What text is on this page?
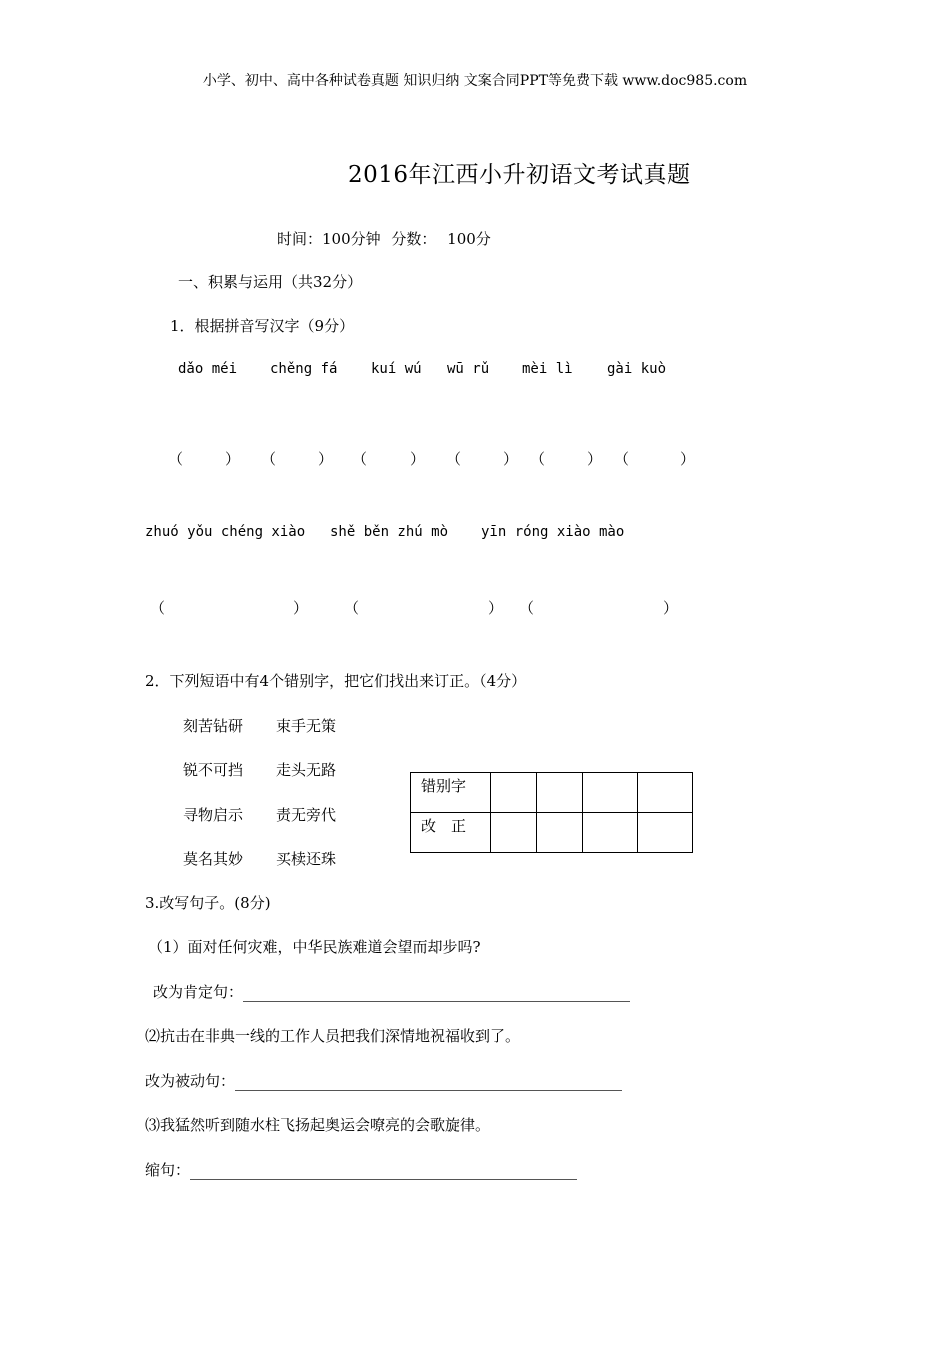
小学、初中、高中各种试卷真题 知识归纳 文案合同PPT等免费下载 www.doc985.com
2016年江西小升初语文考试真题
时间：100分钟 分数： 100分
一、积累与运用（共32分）
1．根据拼音写汉字（9分）
dǎo méi chěng fá kuí wú wū rǔ mèi lì gài kuò
（	） （	） （	） （	） （	） （	）
zhuó yǒu chéng xiào shě běn zhú mò yīn róng xiào mào
（	） （	） （	）
2．下列短语中有4个错别字，把它们找出来订正。（4分）
刻苦钻研 束手无策
锐不可挡 走头无路
寻物启示 责无旁代
莫名其妙 买椟还珠
错别字				
改　正				
3.改写句子。(8分)
（1）面对任何灾难，中华民族难道会望而却步吗?
改为肯定句：
⑵抗击在非典一线的工作人员把我们深情地祝福收到了。
改为被动句：
⑶我猛然听到随水柱飞扬起奥运会嘹亮的会歌旋律。
缩句：
